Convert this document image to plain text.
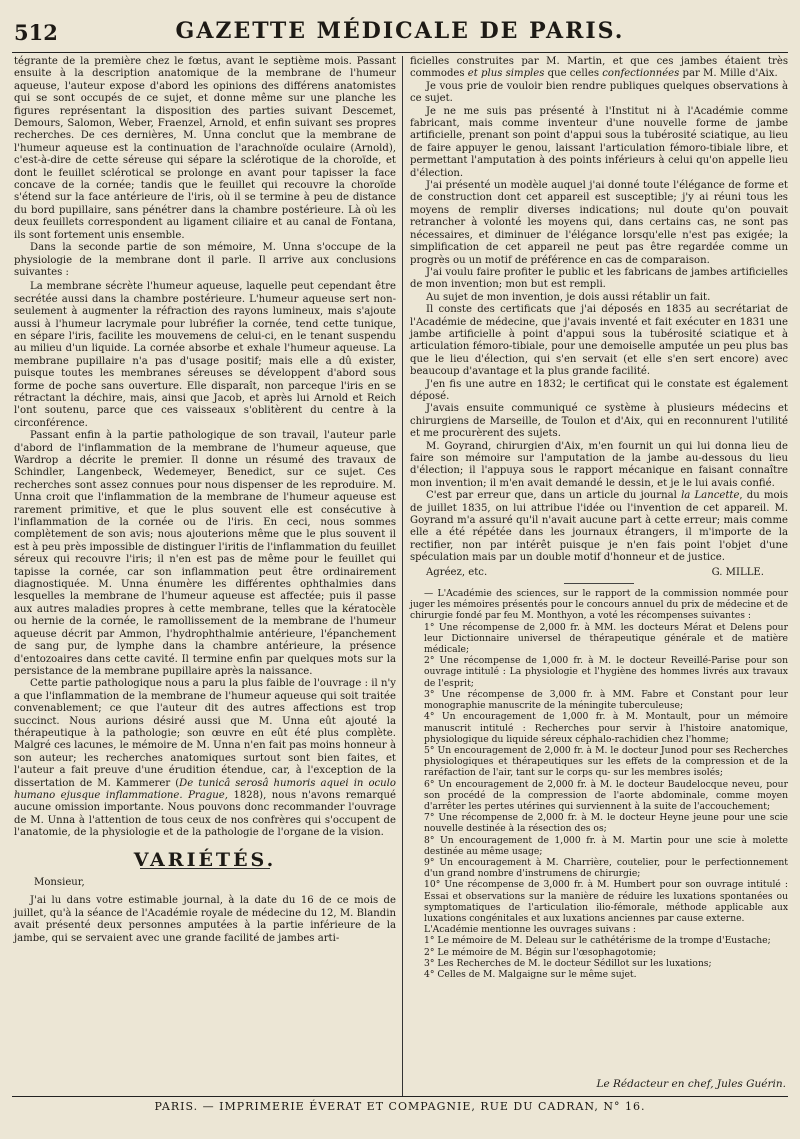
512	GAZETTE MÉDICALE DE PARIS.

tégrante de la première chez le fœtus, avant le septième mois. Passant ensuite à la description anatomique de la membrane de l'humeur aqueuse, l'auteur expose d'abord les opinions des différens anatomistes qui se sont occupés de ce sujet, et donne même sur une planche les figures représentant la disposition des parties suivant Descemet, Demours, Salomon, Weber, Fraenzel, Arnold, et enfin suivant ses propres recherches. De ces dernières, M. Unna conclut que la membrane de l'humeur aqueuse est la continuation de l'arachnoïde oculaire (Arnold), c'est-à-dire de cette séreuse qui sépare la sclérotique de la choroïde, et dont le feuillet sclérotical se prolonge en avant pour tapisser la face concave de la cornée; tandis que le feuillet qui recouvre la choroïde s'étend sur la face antérieure de l'iris, où il se termine à peu de distance du bord pupillaire, sans pénétrer dans la chambre postérieure. Là où les deux feuillets correspondent au ligament ciliaire et au canal de Fontana, ils sont fortement unis ensemble.

Dans la seconde partie de son mémoire, M. Unna s'occupe de la physiologie de la membrane dont il parle. Il arrive aux conclusions suivantes :

La membrane sécrète l'humeur aqueuse, laquelle peut cependant être secrétée aussi dans la chambre postérieure. L'humeur aqueuse sert non-seulement à augmenter la réfraction des rayons lumineux, mais s'ajoute aussi à l'humeur lacrymale pour lubréfier la cornée, tend cette tunique, en sépare l'iris, facilite les mouvemens de celui-ci, en le tenant suspendu au milieu d'un liquide. La cornée absorbe et exhale l'humeur aqueuse. La membrane pupillaire n'a pas d'usage positif; mais elle a dû exister, puisque toutes les membranes séreuses se développent d'abord sous forme de poche sans ouverture. Elle disparaît, non parceque l'iris en se rétractant la déchire, mais, ainsi que Jacob, et après lui Arnold et Reich l'ont soutenu, parce que ces vaisseaux s'oblitèrent du centre à la circonférence.

Passant enfin à la partie pathologique de son travail, l'auteur parle d'abord de l'inflammation de la membrane de l'humeur aqueuse, que Wardrop a décrite le premier. Il donne un résumé des travaux de Schindler, Langenbeck, Wedemeyer, Benedict, sur ce sujet. Ces recherches sont assez connues pour nous dispenser de les reproduire. M. Unna croit que l'inflammation de la membrane de l'humeur aqueuse est rarement primitive, et que le plus souvent elle est consécutive à l'inflammation de la cornée ou de l'iris. En ceci, nous sommes complètement de son avis; nous ajouterions même que le plus souvent il est à peu près impossible de distinguer l'iritis de l'inflammation du feuillet séreux qui recouvre l'iris; il n'en est pas de même pour le feuillet qui tapisse la cornée, car son inflammation peut être ordinairement diagnostiquée. M. Unna énumère les différentes ophthalmies dans lesquelles la membrane de l'humeur aqueuse est affectée; puis il passe aux autres maladies propres à cette membrane, telles que la kératocèle ou hernie de la cornée, le ramollissement de la membrane de l'humeur aqueuse décrit par Ammon, l'hydrophthalmie antérieure, l'épanchement de sang pur, de lymphe dans la chambre antérieure, la présence d'entozoaires dans cette cavité. Il termine enfin par quelques mots sur la persistance de la membrane pupillaire après la naissance.

Cette partie pathologique nous a paru la plus faible de l'ouvrage : il n'y a que l'inflammation de la membrane de l'humeur aqueuse qui soit traitée convenablement; ce que l'auteur dit des autres affections est trop succinct. Nous aurions désiré aussi que M. Unna eût ajouté la thérapeutique à la pathologie; son œuvre en eût été plus complète. Malgré ces lacunes, le mémoire de M. Unna n'en fait pas moins honneur à son auteur; les recherches anatomiques surtout sont bien faites, et l'auteur a fait preuve d'une érudition étendue, car, à l'exception de la dissertation de M. Kammerer (De tunicâ serosâ humoris aquei in oculo humano ejusque inflammatione. Prague, 1828), nous n'avons remarqué aucune omission importante. Nous pouvons donc recommander l'ouvrage de M. Unna à l'attention de tous ceux de nos confrères qui s'occupent de l'anatomie, de la physiologie et de la pathologie de l'organe de la vision.

VARIÉTÉS.

Monsieur,

J'ai lu dans votre estimable journal, à la date du 16 de ce mois de juillet, qu'à la séance de l'Académie royale de médecine du 12, M. Blandin avait présenté deux personnes amputées à la partie inférieure de la jambe, qui se servaient avec une grande facilité de jambes arti-

ficielles construites par M. Martin, et que ces jambes étaient très commodes et plus simples que celles confectionnées par M. Mille d'Aix.

Je vous prie de vouloir bien rendre publiques quelques observations à ce sujet.

Je ne me suis pas présenté à l'Institut ni à l'Académie comme fabricant, mais comme inventeur d'une nouvelle forme de jambe artificielle, prenant son point d'appui sous la tubérosité sciatique, au lieu de faire appuyer le genou, laissant l'articulation fémoro-tibiale libre, et permettant l'amputation à des points inférieurs à celui qu'on appelle lieu d'élection.

J'ai présenté un modèle auquel j'ai donné toute l'élégance de forme et de construction dont cet appareil est susceptible; j'y ai réuni tous les moyens de remplir diverses indications; nul doute qu'on pouvait retrancher à volonté les moyens qui, dans certains cas, ne sont pas nécessaires, et diminuer de l'élégance lorsqu'elle n'est pas exigée; la simplification de cet appareil ne peut pas être regardée comme un progrès ou un motif de préférence en cas de comparaison.

J'ai voulu faire profiter le public et les fabricans de jambes artificielles de mon invention; mon but est rempli.

Au sujet de mon invention, je dois aussi rétablir un fait.

Il conste des certificats que j'ai déposés en 1835 au secrétariat de l'Académie de médecine, que j'avais inventé et fait exécuter en 1831 une jambe artificielle à point d'appui sous la tubérosité sciatique et à articulation fémoro-tibiale, pour une demoiselle amputée un peu plus bas que le lieu d'élection, qui s'en servait (et elle s'en sert encore) avec beaucoup d'avantage et la plus grande facilité.

J'en fis une autre en 1832; le certificat qui le constate est également déposé.

J'avais ensuite communiqué ce système à plusieurs médecins et chirurgiens de Marseille, de Toulon et d'Aix, qui en reconnurent l'utilité et me procurèrent des sujets.

M. Goyrand, chirurgien d'Aix, m'en fournit un qui lui donna lieu de faire son mémoire sur l'amputation de la jambe au-dessous du lieu d'élection; il l'appuya sous le rapport mécanique en faisant connaître mon invention; il m'en avait demandé le dessin, et je le lui avais confié.

C'est par erreur que, dans un article du journal la Lancette, du mois de juillet 1835, on lui attribue l'idée ou l'invention de cet appareil. M. Goyrand m'a assuré qu'il n'avait aucune part à cette erreur; mais comme elle a été répétée dans les journaux étrangers, il m'importe de la rectifier, non par intérêt puisque je n'en fais point l'objet d'une spéculation mais par un double motif d'honneur et de justice.

Agréez, etc.	G. MILLE.

— L'Académie des sciences, sur le rapport de la commission nommée pour juger les mémoires présentés pour le concours annuel du prix de médecine et de chirurgie fondé par feu M. Monthyon, a voté les récompenses suivantes :

1° Une récompense de 2,000 fr. à MM. les docteurs Mérat et Delens pour leur Dictionnaire universel de thérapeutique générale et de matière médicale;

2° Une récompense de 1,000 fr. à M. le docteur Reveillé-Parise pour son ouvrage intitulé : La physiologie et l'hygiène des hommes livrés aux travaux de l'esprit;

3° Une récompense de 3,000 fr. à MM. Fabre et Constant pour leur monographie manuscrite de la méningite tuberculeuse;

4° Un encouragement de 1,000 fr. à M. Montault, pour un mémoire manuscrit intitulé : Recherches pour servir à l'histoire anatomique, physiologique du liquide séreux céphalo-rachidien chez l'homme;

5° Un encouragement de 2,000 fr. à M. le docteur Junod pour ses Recherches physiologiques et thérapeutiques sur les effets de la compression et de la raréfaction de l'air, tant sur le corps qu- sur les membres isolés;

6° Un encouragement de 2,000 fr. à M. le docteur Baudelocque neveu, pour son procédé de la compression de l'aorte abdominale, comme moyen d'arrêter les pertes utérines qui surviennent à la suite de l'accouchement;

7° Une récompense de 2,000 fr. à M. le docteur Heyne jeune pour une scie nouvelle destinée à la résection des os;

8° Un encouragement de 1,000 fr. à M. Martin pour une scie à molette destinée au même usage;

9° Un encouragement à M. Charrière, coutelier, pour le perfectionnement d'un grand nombre d'instrumens de chirurgie;

10° Une récompense de 3,000 fr. à M. Humbert pour son ouvrage intitulé : Essai et observations sur la manière de réduire les luxations spontanées ou symptomatiques de l'articulation ilio-fémorale, méthode applicable aux luxations congénitales et aux luxations anciennes par cause externe.

L'Académie mentionne les ouvrages suivans :

1° Le mémoire de M. Deleau sur le cathétérisme de la trompe d'Eustache;

2° Le mémoire de M. Bégin sur l'œsophagotomie;

3° Les Recherches de M. le docteur Sédillot sur les luxations;

4° Celles de M. Malgaigne sur le même sujet.

Le Rédacteur en chef, Jules Guérin.
PARIS. — IMPRIMERIE ÉVERAT ET COMPAGNIE, RUE DU CADRAN, N° 16.
